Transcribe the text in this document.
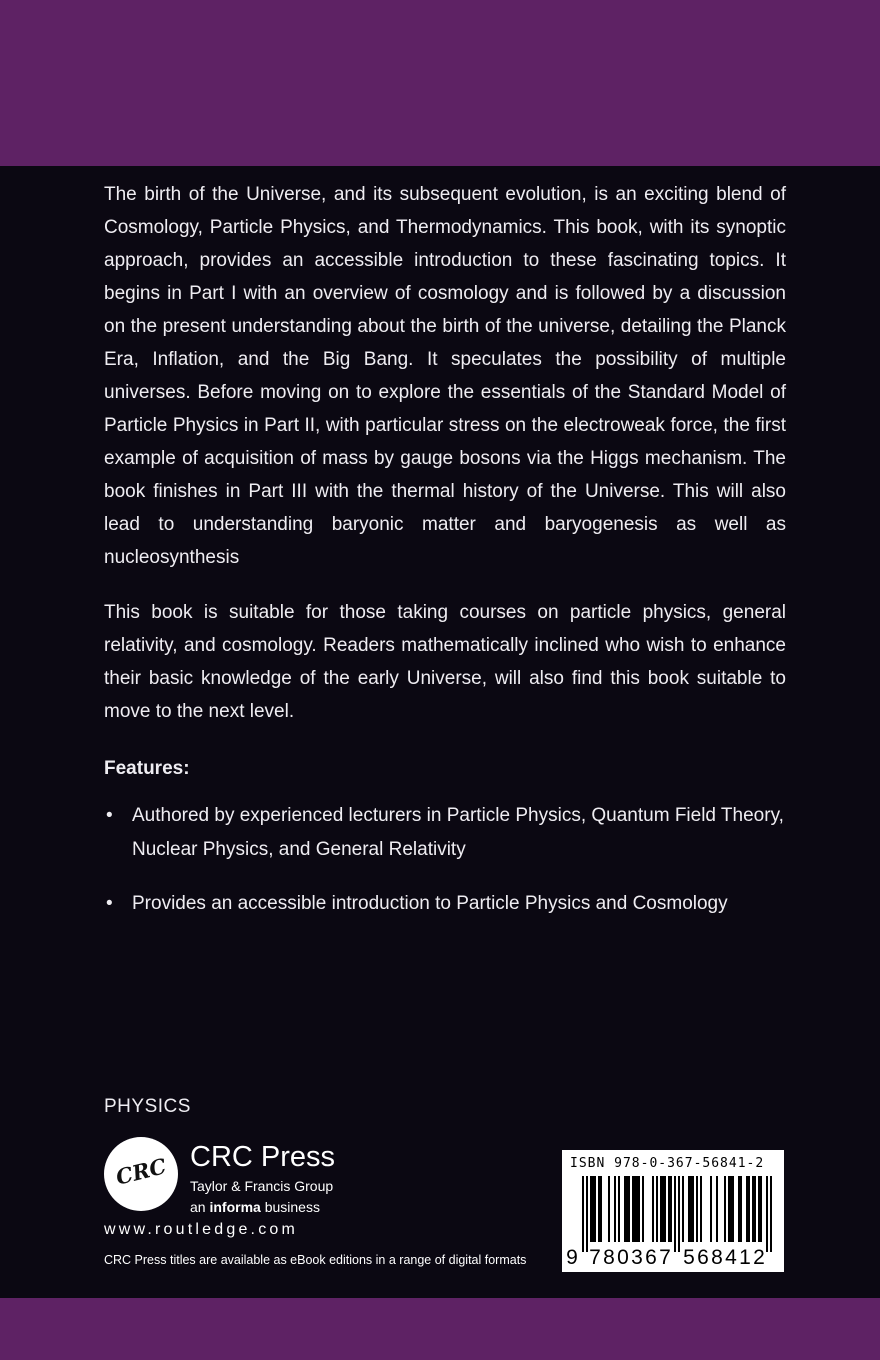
The birth of the Universe, and its subsequent evolution, is an exciting blend of Cosmology, Particle Physics, and Thermodynamics. This book, with its synoptic approach, provides an accessible introduction to these fascinating topics. It begins in Part I with an overview of cosmology and is followed by a discussion on the present understanding about the birth of the universe, detailing the Planck Era, Inflation, and the Big Bang. It speculates the possibility of multiple universes. Before moving on to explore the essentials of the Standard Model of Particle Physics in Part II, with particular stress on the electroweak force, the first example of acquisition of mass by gauge bosons via the Higgs mechanism. The book finishes in Part III with the thermal history of the Universe. This will also lead to understanding baryonic matter and baryogenesis as well as nucleosynthesis

This book is suitable for those taking courses on particle physics, general relativity, and cosmology. Readers mathematically inclined who wish to enhance their basic knowledge of the early Universe, will also find this book suitable to move to the next level.

Features:
• Authored by experienced lecturers in Particle Physics, Quantum Field Theory, Nuclear Physics, and General Relativity
• Provides an accessible introduction to Particle Physics and Cosmology
PHYSICS
CRC CRC Press
Taylor & Francis Group
an informa business
www.routledge.com
CRC Press titles are available as eBook editions in a range of digital formats
ISBN 978-0-367-56841-2
9 7 8 0 3 6 7 5 6 8 4 1 2
